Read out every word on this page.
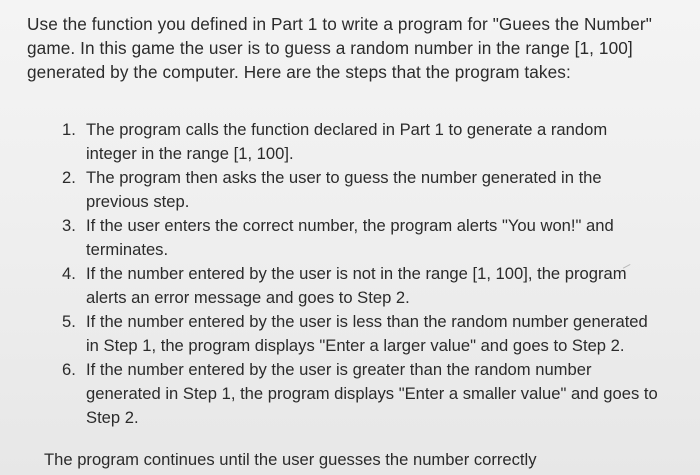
Use the function you defined in Part 1 to write a program for "Guees the Number"
game. In this game the user is to guess a random number in the range [1, 100]
generated by the computer. Here are the steps that the program takes:
1. The program calls the function declared in Part 1 to generate a random
integer in the range [1, 100].
2. The program then asks the user to guess the number generated in the
previous step.
3. If the user enters the correct number, the program alerts "You won!" and
terminates.
4. If the number entered by the user is not in the range [1, 100], the program
alerts an error message and goes to Step 2.
5. If the number entered by the user is less than the random number generated
in Step 1, the program displays "Enter a larger value" and goes to Step 2.
6. If the number entered by the user is greater than the random number
generated in Step 1, the program displays "Enter a smaller value" and goes to
Step 2.
The program continues until the user guesses the number correctly
